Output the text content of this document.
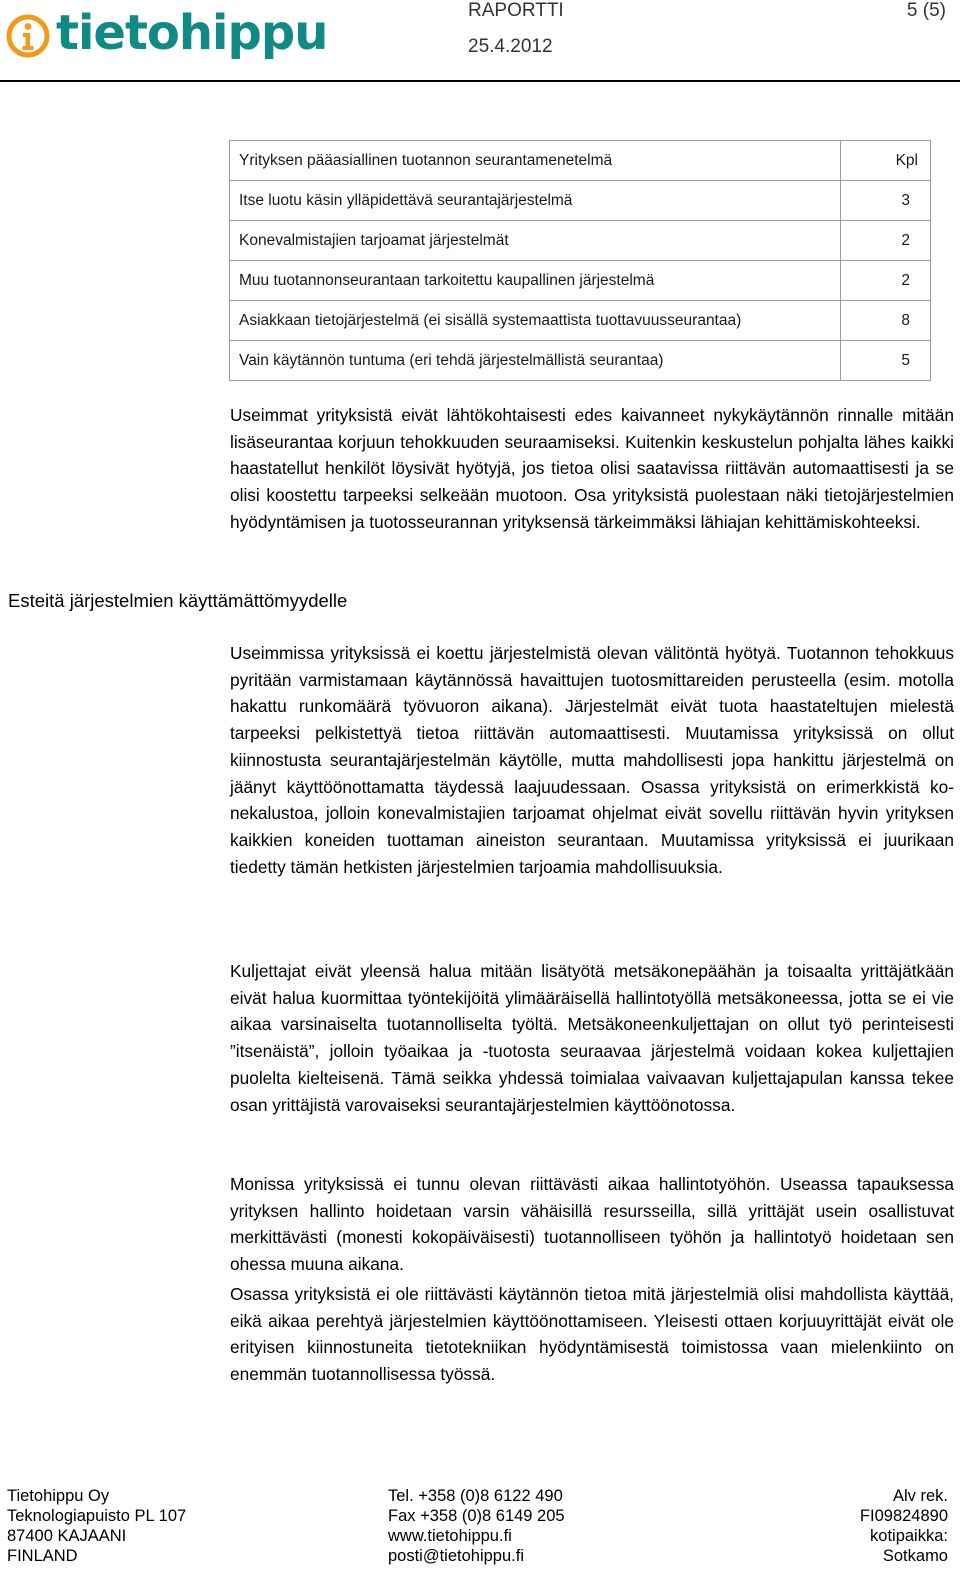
tietohippu	RAPORTTI
25.4.2012
5 (5)
Yrityksen pääasiallinen tuotannon seurantamenetelmä	Kpl
Itse luotu käsin ylläpidettävä seurantajärjestelmä	3
Konevalmistajien tarjoamat järjestelmät	2
Muu tuotannonseurantaan tarkoitettu kaupallinen järjestelmä	2
Asiakkaan tietojärjestelmä (ei sisällä systemaattista tuottavuusseurantaa)	8
Vain käytännön tuntuma (eri tehdä järjestelmällistä seurantaa)	5
Esteitä järjestelmien käyttämättömyydelle

Useimmat yrityksistä eivät lähtökohtaisesti edes kaivanneet nykykäytännön rinnalle mitään lisäseurantaa korjuun tehokkuuden seuraamiseksi. Kuitenkin keskustelun pohjalta lähes kaikki haastatellut henkilöt löysivät hyötyjä, jos tietoa olisi saatavissa riittävän automaattisesti ja se olisi koostettu tarpeeksi selkeään muotoon. Osa yrityksistä puolestaan näki tietojärjestelmien hyödyntämisen ja tuotosseurannan yrityksensä tärkeimmäksi lähiajan kehittämiskohteeksi.

Useimmissa yrityksissä ei koettu järjestelmistä olevan välitöntä hyötyä. Tuotannon tehokkuus pyritään varmistamaan käytännössä havaittujen tuotosmittareiden perusteella (esim. motolla hakattu runkomäärä työvuoron aikana). Järjestelmät eivät tuota haastateltujen mielestä tarpeeksi pelkistettyä tietoa riittävän automaattisesti. Muutamissa yrityksissä on ollut kiinnostusta seurantajärjestelmän käytölle, mutta mahdollisesti jopa hankittu järjestelmä on jäänyt käyttöönottamatta täydessä laajuudessaan. Osassa yrityksistä on erimerkkistä konekalustoa, jolloin konevalmistajien tarjoamat ohjelmat eivät sovellu riittävän hyvin yrityksen kaikkien koneiden tuottaman aineiston seurantaan. Muutamissa yrityksissä ei juurikaan tiedetty tämän hetkisten järjestelmien tarjoamia mahdollisuuksia.

Kuljettajat eivät yleensä halua mitään lisätyötä metsäkonepäähän ja toisaalta yrittäjätkään eivät halua kuormittaa työntekijöitä ylimääräisellä hallintotyöllä metsäkoneessa, jotta se ei vie aikaa varsinaiselta tuotannolliselta työltä. Metsäkoneenkuljettajan on ollut työ perinteisesti ”itsenäistä”, jolloin työaikaa ja -tuotosta seuraavaa järjestelmä voidaan kokea kuljettajien puolelta kielteisenä. Tämä seikka yhdessä toimialaa vaivaavan kuljettajapulan kanssa tekee osan yrittäjistä varovaiseksi seurantajärjestelmien käyttöönotossa.

Monissa yrityksissä ei tunnu olevan riittävästi aikaa hallintotyöhön. Useassa tapauksessa yrityksen hallinto hoidetaan varsin vähäisillä resursseilla, sillä yrittäjät usein osallistuvat merkittävästi (monesti kokopäiväisesti) tuotannolliseen työhön ja hallintotyö hoidetaan sen ohessa muuna aikana.

Osassa yrityksistä ei ole riittävästi käytännön tietoa mitä järjestelmiä olisi mahdollista käyttää, eikä aikaa perehtyä järjestelmien käyttöönottamiseen. Yleisesti ottaen korjuuyrittäjät eivät ole erityisen kiinnostuneita tietotekniikan hyödyntämisestä toimistossa vaan mielenkiinto on enemmän tuotannollisessa työssä.

Tietohippu Oy
Teknologiapuisto PL 107
87400 KAJAANI
FINLAND
Tel. +358 (0)8 6122 490
Fax +358 (0)8 6149 205
www.tietohippu.fi
posti@tietohippu.fi
Alv rek.
FI09824890
kotipaikka:
Sotkamo
